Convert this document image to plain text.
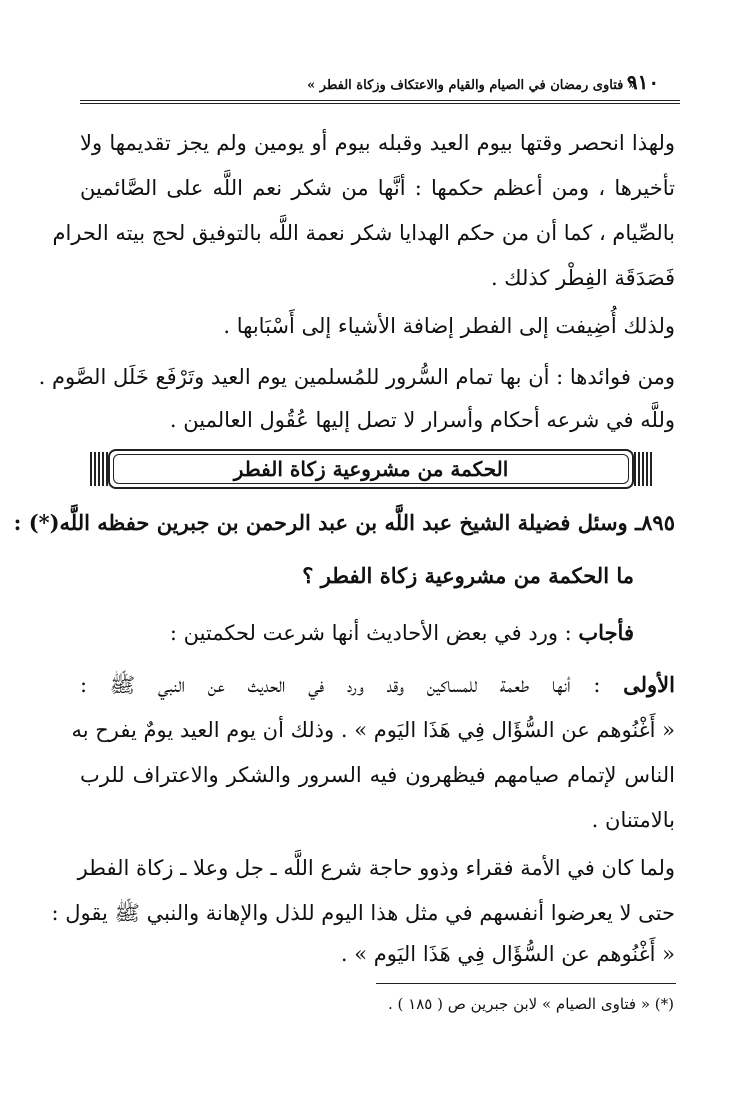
٩١٠
« فتاوى رمضان في الصيام والقيام والاعتكاف وزكاة الفطر »
ولهذا انحصر وقتها بيوم العيد وقبله بيوم أو يومين ولم يجز تقديمها ولا
تأخيرها ، ومن أعظم حكمها : أنَّها من شكر نعم اللَّه على الصَّائمين
بالصِّيام ، كما أن من حكم الهدايا شكر نعمة اللَّه بالتوفيق لحج بيته الحرام
فَصَدَقَة الفِطْر كذلك .
ولذلك أُضِيفت إلى الفطر إضافة الأشياء إلى أَسْبَابها .
ومن فوائدها : أن بها تمام السُّرور للمُسلمين يوم العيد وتَرْفَع خَلَل الصَّوم .
وللَّه في شرعه أحكام وأسرار لا تصل إليها عُقُول العالمين .
الحكمة من مشروعية زكاة الفطر
٨٩٥ـ وسئل فضيلة الشيخ عبد اللَّه بن عبد الرحمن بن جبرين حفظه اللَّه(*) :
ما الحكمة من مشروعية زكاة الفطر ؟
فأجاب : ورد في بعض الأحاديث أنها شرعت لحكمتين :
الأولى : أنها طعمة للمساكين وقد ورد في الحديث عن النبي ﷺ :
« أَغْنُوهم عن السُّؤَال فِي هَذَا اليَوم » . وذلك أن يوم العيد يومٌ يفرح به
الناس لإتمام صيامهم فيظهرون فيه السرور والشكر والاعتراف للرب
بالامتنان .
ولما كان في الأمة فقراء وذوو حاجة شرع اللَّه ـ جل وعلا ـ زكاة الفطر
حتى لا يعرضوا أنفسهم في مثل هذا اليوم للذل والإهانة والنبي ﷺ يقول :
« أَغْنُوهم عن السُّؤَال فِي هَذَا اليَوم » .
(*) « فتاوى الصيام » لابن جبرين ص ( ١٨٥ ) .
